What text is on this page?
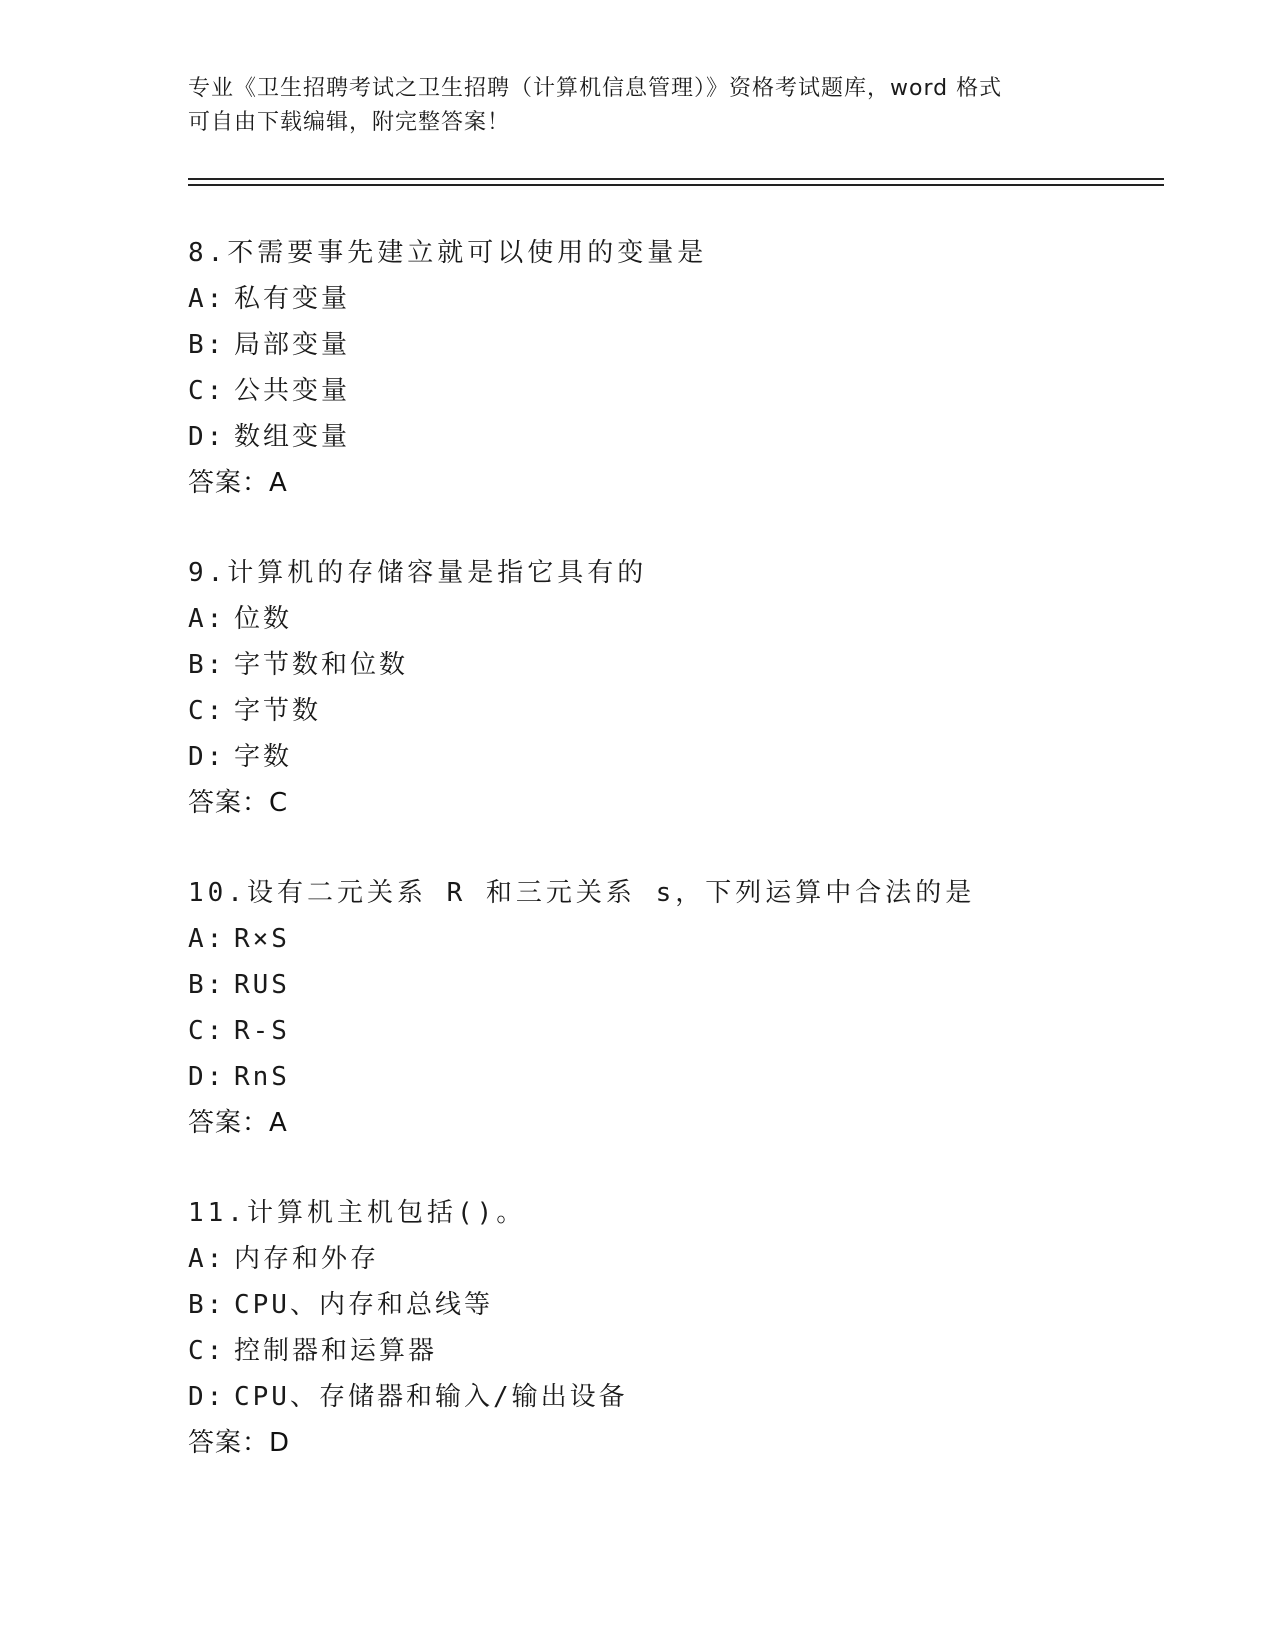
专业《卫生招聘考试之卫生招聘（计算机信息管理）》资格考试题库，word 格式
可自由下载编辑，附完整答案！
8.不需要事先建立就可以使用的变量是
A: 私有变量
B: 局部变量
C: 公共变量
D: 数组变量
答案：A
9.计算机的存储容量是指它具有的
A: 位数
B: 字节数和位数
C: 字节数
D: 字数
答案：C
10.设有二元关系 R 和三元关系 s，下列运算中合法的是
A: R×S
B: RUS
C: R-S
D: RnS
答案：A
11.计算机主机包括()。
A: 内存和外存
B: CPU、内存和总线等
C: 控制器和运算器
D: CPU、存储器和输入/输出设备
答案：D
